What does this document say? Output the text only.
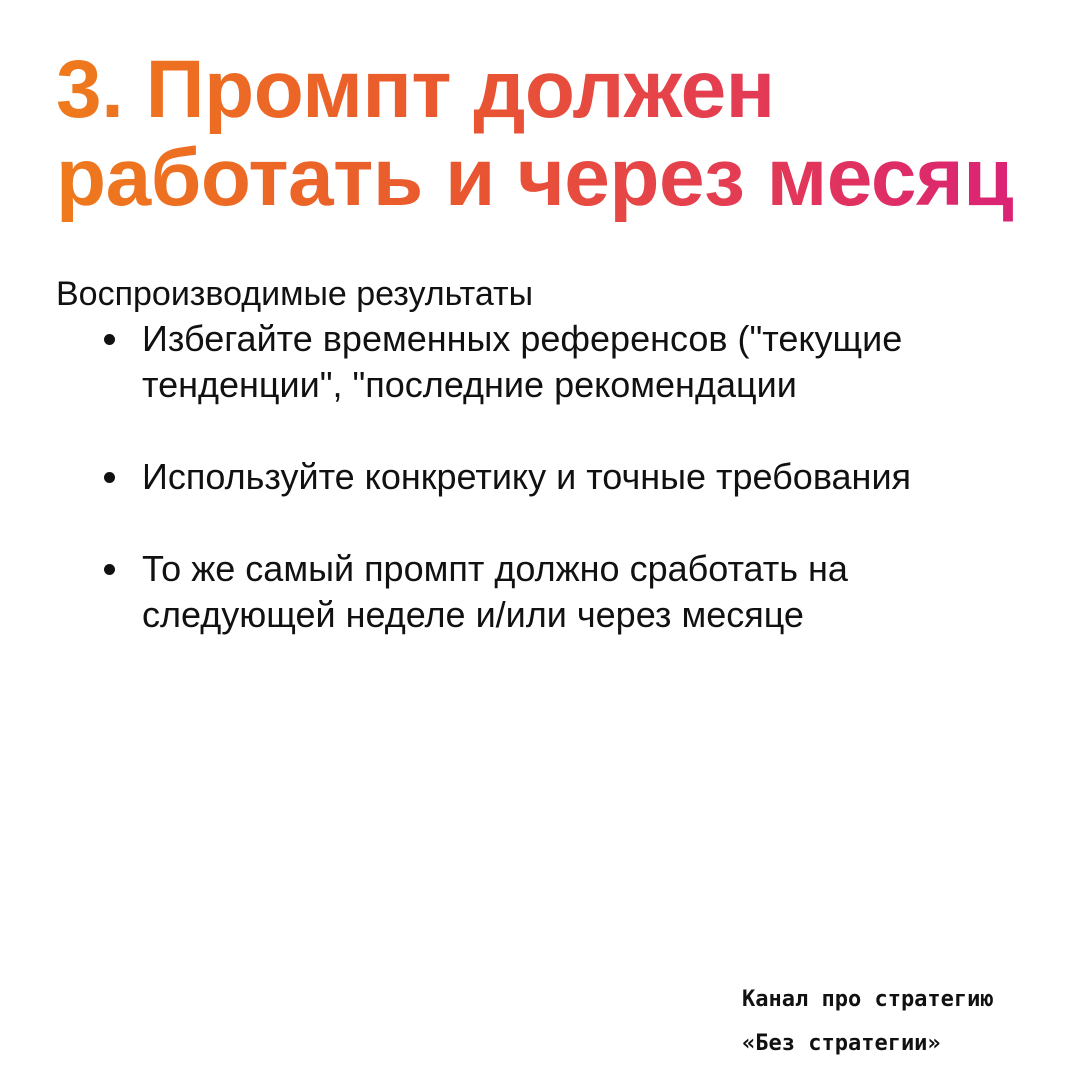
3. Промпт должен
работать и через месяц

Воспроизводимые результаты

Избегайте временных референсов ("текущие тенденции", "последние рекомендации
Используйте конкретику и точные требования
То же самый промпт должно сработать на следующей неделе и/или через месяце
Канал про стратегию
«Без стратегии»
